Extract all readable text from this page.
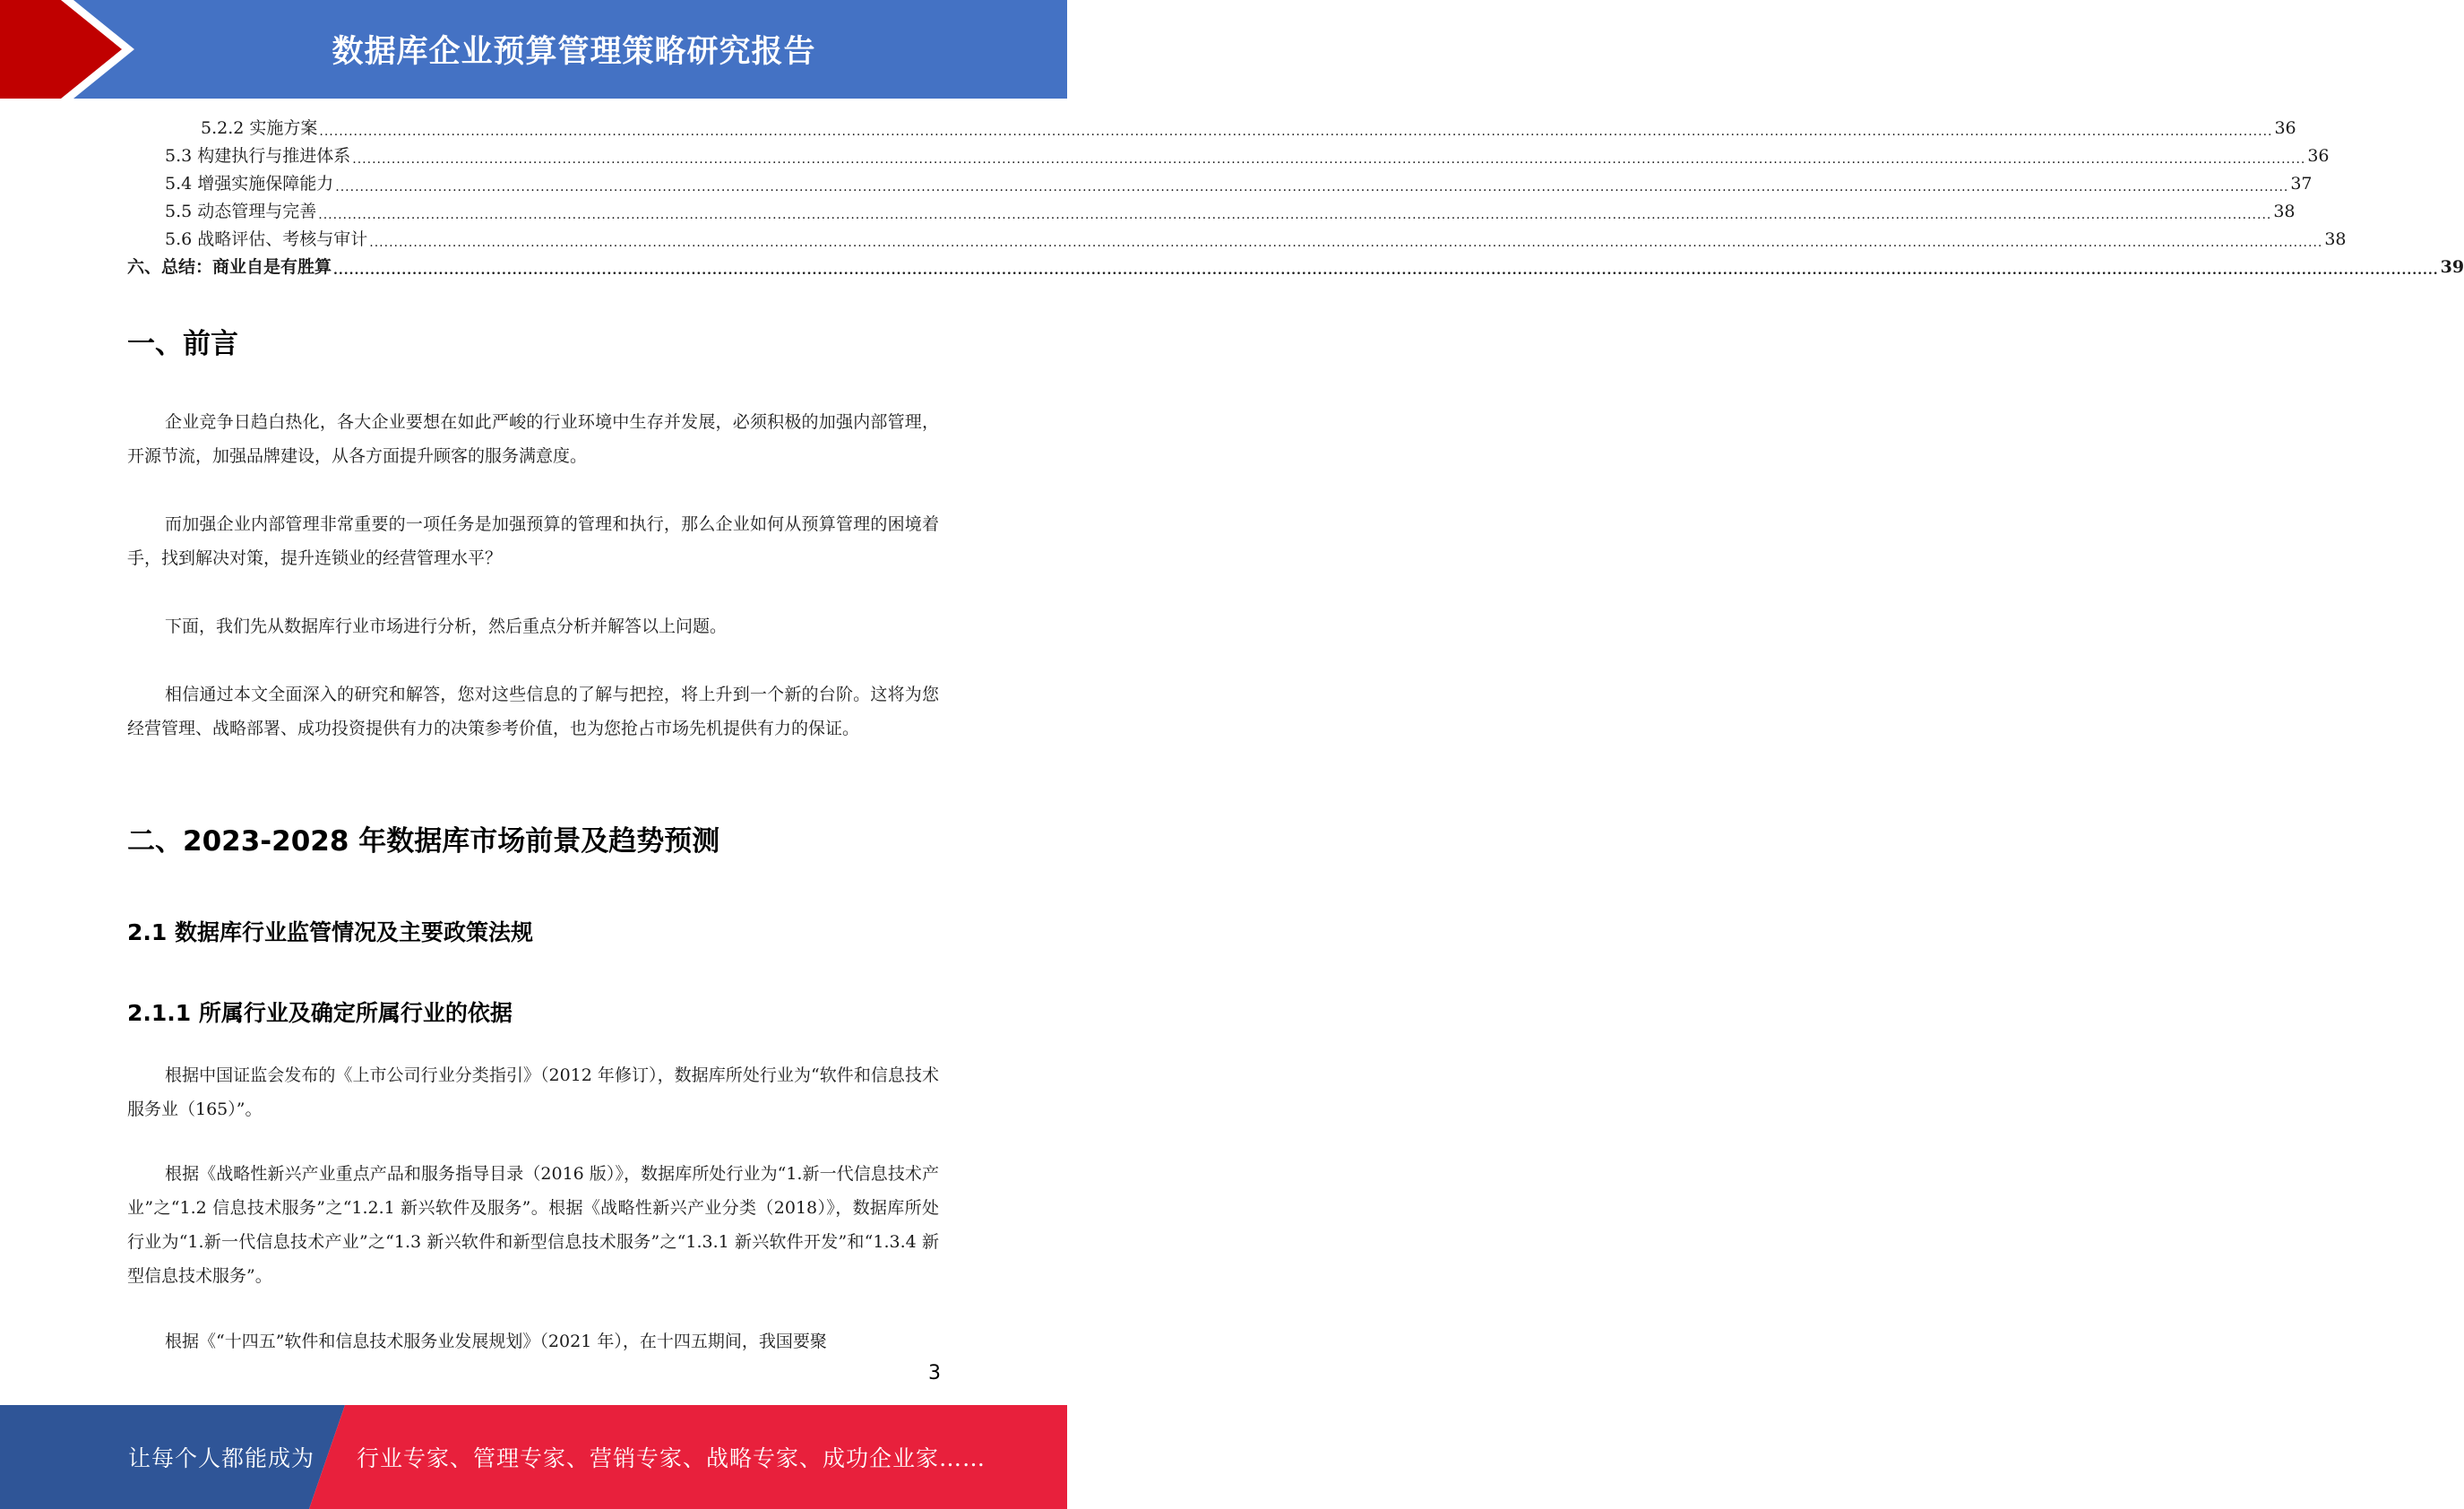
数据库企业预算管理策略研究报告
5.2.2 实施方案 ................................................................................................................................................................................................................................................................................................................................................................................................................ 36
5.3 构建执行与推进体系 ................................................................................................................................................................................................................................................................................................................................................................................................................ 36
5.4 增强实施保障能力 ................................................................................................................................................................................................................................................................................................................................................................................................................ 37
5.5 动态管理与完善 ................................................................................................................................................................................................................................................................................................................................................................................................................ 38
5.6 战略评估、考核与审计 ................................................................................................................................................................................................................................................................................................................................................................................................................ 38
六、总结：商业自是有胜算 ................................................................................................................................................................................................................................................................................................................................................................................................................ 39
一、前言
企业竞争日趋白热化，各大企业要想在如此严峻的行业环境中生存并发展，必须积极的加强内部管理，开源节流，加强品牌建设，从各方面提升顾客的服务满意度。
而加强企业内部管理非常重要的一项任务是加强预算的管理和执行，那么企业如何从预算管理的困境着手，找到解决对策，提升连锁业的经营管理水平？
下面，我们先从数据库行业市场进行分析，然后重点分析并解答以上问题。
相信通过本文全面深入的研究和解答，您对这些信息的了解与把控，将上升到一个新的台阶。这将为您经营管理、战略部署、成功投资提供有力的决策参考价值，也为您抢占市场先机提供有力的保证。
二、2023-2028 年数据库市场前景及趋势预测
2.1 数据库行业监管情况及主要政策法规
2.1.1 所属行业及确定所属行业的依据
根据中国证监会发布的《上市公司行业分类指引》（2012 年修订），数据库所处行业为“软件和信息技术服务业（165）”。
根据《战略性新兴产业重点产品和服务指导目录（2016 版）》，数据库所处行业为“1.新一代信息技术产业”之“1.2 信息技术服务”之“1.2.1 新兴软件及服务”。根据《战略性新兴产业分类（2018）》，数据库所处行业为“1.新一代信息技术产业”之“1.3 新兴软件和新型信息技术服务”之“1.3.1 新兴软件开发”和“1.3.4 新型信息技术服务”。
根据《“十四五”软件和信息技术服务业发展规划》（2021 年），在十四五期间，我国要聚
3
让每个人都能成为 行业专家、管理专家、营销专家、战略专家、成功企业家……
